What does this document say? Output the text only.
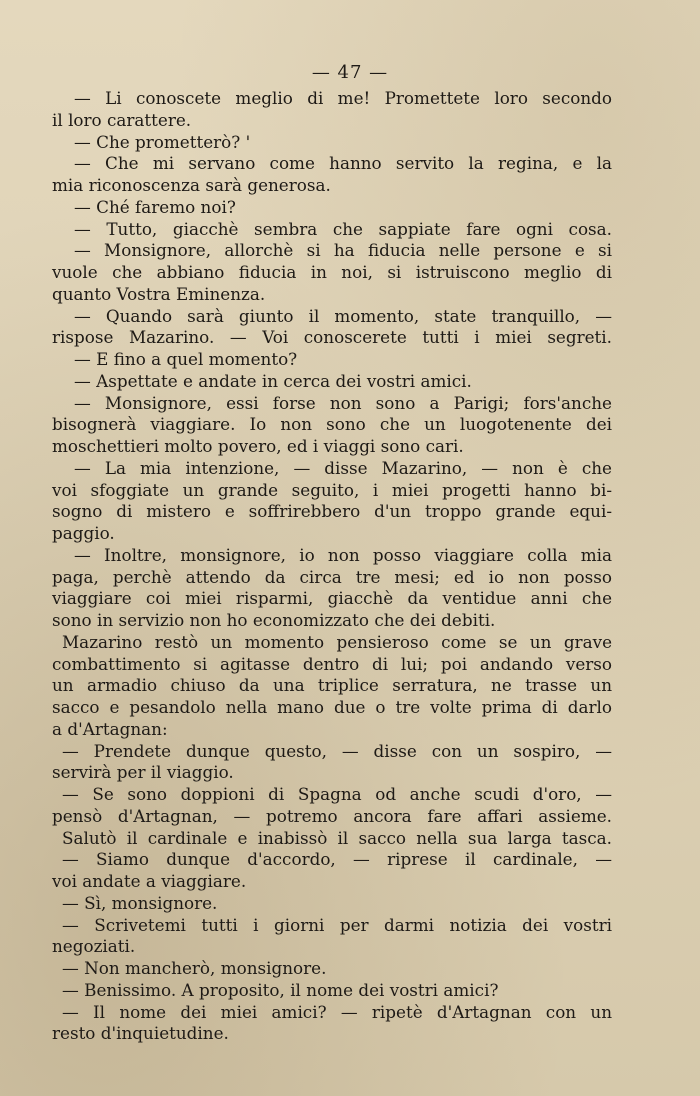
— 47 —
— Li conoscete meglio di me! Promettete loro secondo
il loro carattere.
— Che prometterò? '
— Che mi servano come hanno servito la regina, e la
mia riconoscenza sarà generosa.
— Ché faremo noi?
— Tutto, giacchè sembra che sappiate fare ogni cosa.
— Monsignore, allorchè si ha fiducia nelle persone e si
vuole che abbiano fiducia in noi, si istruiscono meglio di
quanto Vostra Eminenza.
— Quando sarà giunto il momento, state tranquillo, —
rispose Mazarino. — Voi conoscerete tutti i miei segreti.
— E fino a quel momento?
— Aspettate e andate in cerca dei vostri amici.
— Monsignore, essi forse non sono a Parigi; fors'anche
bisognerà viaggiare. Io non sono che un luogotenente dei
moschettieri molto povero, ed i viaggi sono cari.
— La mia intenzione, — disse Mazarino, — non è che
voi sfoggiate un grande seguito, i miei progetti hanno bi-
sogno di mistero e soffrirebbero d'un troppo grande equi-
paggio.
— Inoltre, monsignore, io non posso viaggiare colla mia
paga, perchè attendo da circa tre mesi; ed io non posso
viaggiare coi miei risparmi, giacchè da ventidue anni che
sono in servizio non ho economizzato che dei debiti.
Mazarino restò un momento pensieroso come se un grave
combattimento si agitasse dentro di lui; poi andando verso
un armadio chiuso da una triplice serratura, ne trasse un
sacco e pesandolo nella mano due o tre volte prima di darlo
a d'Artagnan:
— Prendete dunque questo, — disse con un sospiro, —
servirà per il viaggio.
— Se sono doppioni di Spagna od anche scudi d'oro, —
pensò d'Artagnan, — potremo ancora fare affari assieme.
Salutò il cardinale e inabissò il sacco nella sua larga tasca.
— Siamo dunque d'accordo, — riprese il cardinale, —
voi andate a viaggiare.
— Sì, monsignore.
— Scrivetemi tutti i giorni per darmi notizia dei vostri
negoziati.
— Non mancherò, monsignore.
— Benissimo. A proposito, il nome dei vostri amici?
— Il nome dei miei amici? — ripetè d'Artagnan con un
resto d'inquietudine.
